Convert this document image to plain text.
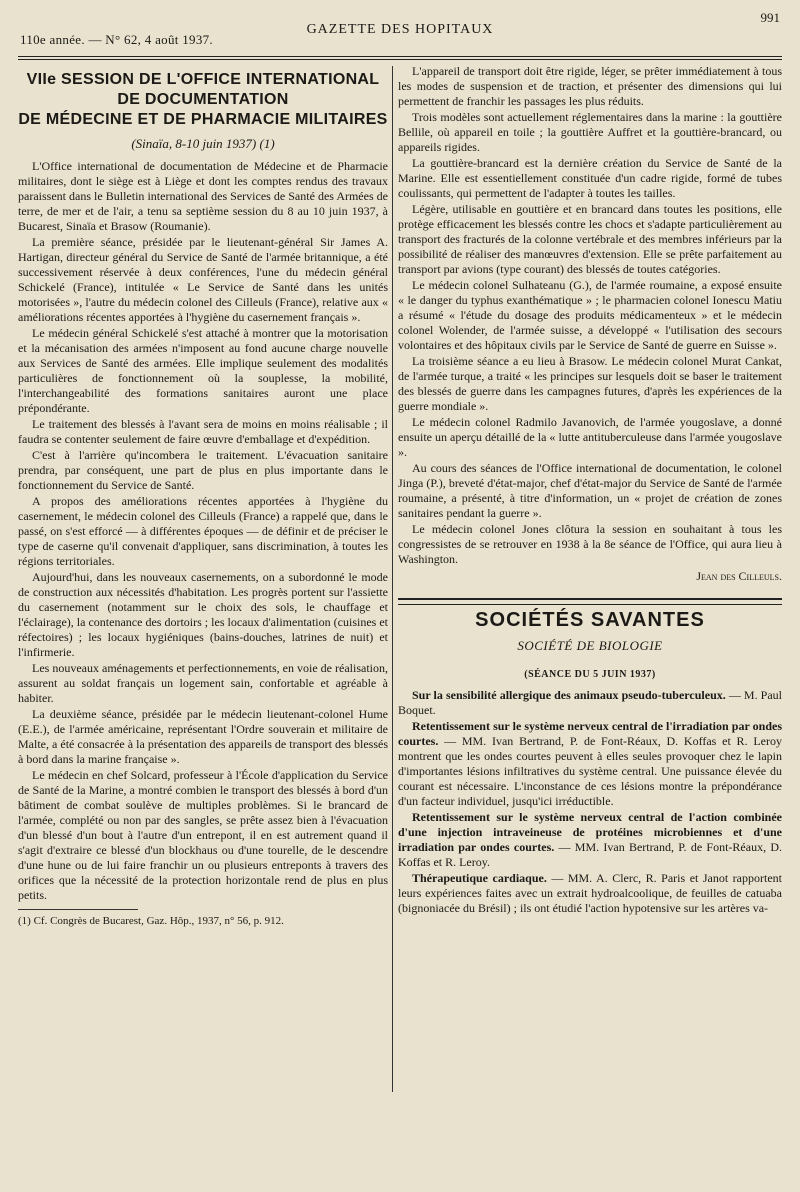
110e année. — N° 62, 4 août 1937.
GAZETTE DES HOPITAUX
991
VIIe SESSION DE L'OFFICE INTERNATIONAL
DE DOCUMENTATION
DE MÉDECINE ET DE PHARMACIE MILITAIRES
(Sinaïa, 8-10 juin 1937) (1)

L'Office international de documentation de Médecine et de Pharmacie militaires, dont le siège est à Liège et dont les comptes rendus des travaux paraissent dans le Bulletin international des Services de Santé des Armées de terre, de mer et de l'air, a tenu sa septième session du 8 au 10 juin 1937, à Bucarest, Sinaïa et Brasow (Roumanie).

La première séance, présidée par le lieutenant-général Sir James A. Hartigan, directeur général du Service de Santé de l'armée britannique, a été successivement réservée à deux conférences, l'une du médecin général Schickelé (France), intitulée « Le Service de Santé dans les unités motorisées », l'autre du médecin colonel des Cilleuls (France), relative aux « améliorations récentes apportées à l'hygiène du casernement français ».

Le médecin général Schickelé s'est attaché à montrer que la motorisation et la mécanisation des armées n'imposent au fond aucune charge nouvelle aux Services de Santé des armées. Elle implique seulement des modalités particulières de fonctionnement où la souplesse, la mobilité, l'interchangeabilité des formations sanitaires auront une place prépondérante.

Le traitement des blessés à l'avant sera de moins en moins réalisable ; il faudra se contenter seulement de faire œuvre d'emballage et d'expédition.

C'est à l'arrière qu'incombera le traitement. L'évacuation sanitaire prendra, par conséquent, une part de plus en plus importante dans le fonctionnement du Service de Santé.

A propos des améliorations récentes apportées à l'hygiène du casernement, le médecin colonel des Cilleuls (France) a rappelé que, dans le passé, on s'est efforcé — à différentes époques — de définir et de préciser le type de caserne qu'il convenait d'appliquer, sans discrimination, à toutes les régions territoriales.

Aujourd'hui, dans les nouveaux casernements, on a subordonné le mode de construction aux nécessités d'habitation. Les progrès portent sur l'assiette du casernement (notamment sur le choix des sols, le chauffage et l'éclairage), la contenance des dortoirs ; les locaux d'alimentation (cuisines et réfectoires) ; les locaux hygiéniques (bains-douches, latrines de nuit) et l'infirmerie.

Les nouveaux aménagements et perfectionnements, en voie de réalisation, assurent au soldat français un logement sain, confortable et agréable à habiter.

La deuxième séance, présidée par le médecin lieutenant-colonel Hume (E.E.), de l'armée américaine, représentant l'Ordre souverain et militaire de Malte, a été consacrée à la présentation des appareils de transport des blessés à bord dans la marine française ».

Le médecin en chef Solcard, professeur à l'École d'application du Service de Santé de la Marine, a montré combien le transport des blessés à bord d'un bâtiment de combat soulève de multiples problèmes. Si le brancard de l'armée, complété ou non par des sangles, se prête assez bien à l'évacuation d'un blessé d'un bout à l'autre d'un entrepont, il en est autrement quand il s'agit d'extraire ce blessé d'un blockhaus ou d'une tourelle, de le descendre d'une hune ou de lui faire franchir un ou plusieurs entreponts à travers des orifices que la nécessité de la protection horizontale rend de plus en plus petits.

(1) Cf. Congrès de Bucarest, Gaz. Hôp., 1937, n° 56, p. 912.

L'appareil de transport doit être rigide, léger, se prêter immédiatement à tous les modes de suspension et de traction, et présenter des dimensions qui lui permettent de franchir les passages les plus réduits.

Trois modèles sont actuellement réglementaires dans la marine : la gouttière Bellile, où appareil en toile ; la gouttière Auffret et la gouttière-brancard, ou appareils rigides.

La gouttière-brancard est la dernière création du Service de Santé de la Marine. Elle est essentiellement constituée d'un cadre rigide, formé de tubes coulissants, qui permettent de l'adapter à toutes les tailles.

Légère, utilisable en gouttière et en brancard dans toutes les positions, elle protège efficacement les blessés contre les chocs et s'adapte particulièrement au transport des fracturés de la colonne vertébrale et des membres inférieurs par la possibilité de réaliser des manœuvres d'extension. Elle se prête parfaitement au transport par avions (type courant) des blessés de toutes catégories.

Le médecin colonel Sulhateanu (G.), de l'armée roumaine, a exposé ensuite « le danger du typhus exanthématique » ; le pharmacien colonel Ionescu Matiu a résumé « l'étude du dosage des produits médicamenteux » et le médecin colonel Wolender, de l'armée suisse, a développé « l'utilisation des secours volontaires et des hôpitaux civils par le Service de Santé de guerre en Suisse ».

La troisième séance a eu lieu à Brasow. Le médecin colonel Murat Cankat, de l'armée turque, a traité « les principes sur lesquels doit se baser le traitement des blessés de guerre dans les campagnes futures, d'après les expériences de la guerre mondiale ».

Le médecin colonel Radmilo Javanovich, de l'armée yougoslave, a donné ensuite un aperçu détaillé de la « lutte antituberculeuse dans l'armée yougoslave ».

Au cours des séances de l'Office international de documentation, le colonel Jinga (P.), breveté d'état-major, chef d'état-major du Service de Santé de l'armée roumaine, a présenté, à titre d'information, un « projet de création de zones sanitaires pendant la guerre ».

Le médecin colonel Jones clôtura la session en souhaitant à tous les congressistes de se retrouver en 1938 à la 8e séance de l'Office, qui aura lieu à Washington.

Jean des Cilleuls.
SOCIÉTÉS SAVANTES
SOCIÉTÉ DE BIOLOGIE
(SÉANCE DU 5 JUIN 1937)

Sur la sensibilité allergique des animaux pseudo-tuberculeux. — M. Paul Boquet.

Retentissement sur le système nerveux central de l'irradiation par ondes courtes. — MM. Ivan Bertrand, P. de Font-Réaux, D. Koffas et R. Leroy montrent que les ondes courtes peuvent à elles seules provoquer chez le lapin d'importantes lésions infiltratives du système central. Une puissance élevée du courant est nécessaire. L'inconstance de ces lésions montre la prépondérance d'un facteur individuel, jusqu'ici irréductible.

Retentissement sur le système nerveux central de l'action combinée d'une injection intraveineuse de protéines microbiennes et d'une irradiation par ondes courtes. — MM. Ivan Bertrand, P. de Font-Réaux, D. Koffas et R. Leroy.

Thérapeutique cardiaque. — MM. A. Clerc, R. Paris et Janot rapportent leurs expériences faites avec un extrait hydroalcoolique, de feuilles de catuaba (bignoniacée du Brésil) ; ils ont étudié l'action hypotensive sur les artères va-
